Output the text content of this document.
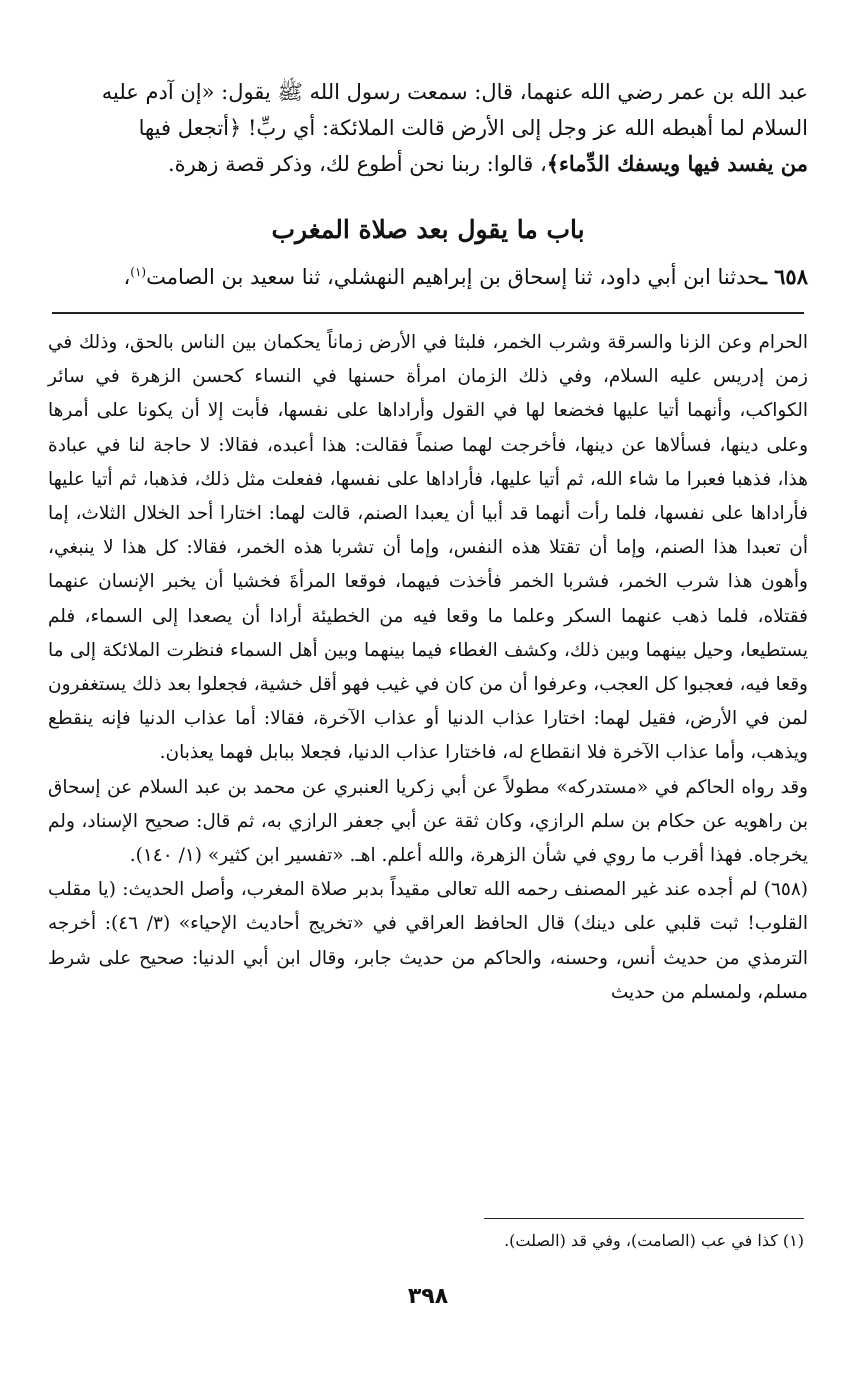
عبد الله بن عمر رضي الله عنهما، قال: سمعت رسول الله ﷺ يقول: «إن آدم عليه

السلام لما أهبطه الله عز وجل إلى الأرض قالت الملائكة: أي ربِّ! ﴿أتجعل فيها

من يفسد فيها ويسفك الدِّماء﴾، قالوا: ربنا نحن أطوع لك، وذكر قصة زهرة.

باب ما يقول بعد صلاة المغرب
٦٥٨ ـحدثنا ابن أبي داود، ثنا إسحاق بن إبراهيم النهشلي، ثنا سعيد بن الصامت$^{(١)}$،

الحرام وعن الزنا والسرقة وشرب الخمر، فلبثا في الأرض زماناً يحكمان بين الناس بالحق، وذلك في زمن إدريس عليه السلام، وفي ذلك الزمان امرأة حسنها في النساء كحسن الزهرة في سائر الكواكب، وأنهما أتيا عليها فخضعا لها في القول وأراداها على نفسها، فأبت إلا أن يكونا على أمرها وعلى دينها، فسألاها عن دينها، فأخرجت لهما صنماً فقالت: هذا أعبده، فقالا: لا حاجة لنا في عبادة هذا، فذهبا فعبرا ما شاء الله، ثم أتيا عليها، فأراداها على نفسها، ففعلت مثل ذلك، فذهبا، ثم أتيا عليها فأراداها على نفسها، فلما رأت أنهما قد أبيا أن يعبدا الصنم، قالت لهما: اختارا أحد الخلال الثلاث، إما أن تعبدا هذا الصنم، وإما أن تقتلا هذه النفس، وإما أن تشربا هذه الخمر، فقالا: كل هذا لا ينبغي، وأهون هذا شرب الخمر، فشربا الخمر فأخذت فيهما، فوقعا المرأةَ فخشيا أن يخبر الإنسان عنهما فقتلاه، فلما ذهب عنهما السكر وعلما ما وقعا فيه من الخطيئة أرادا أن يصعدا إلى السماء، فلم يستطيعا، وحيل بينهما وبين ذلك، وكشف الغطاء فيما بينهما وبين أهل السماء فنظرت الملائكة إلى ما وقعا فيه، فعجبوا كل العجب، وعرفوا أن من كان في غيب فهو أقل خشية، فجعلوا بعد ذلك يستغفرون لمن في الأرض، فقيل لهما: اختارا عذاب الدنيا أو عذاب الآخرة، فقالا: أما عذاب الدنيا فإنه ينقطع ويذهب، وأما عذاب الآخرة فلا انقطاع له، فاختارا عذاب الدنيا، فجعلا ببابل فهما يعذبان.

وقد رواه الحاكم في «مستدركه» مطولاً عن أبي زكريا العنبري عن محمد بن عبد السلام عن إسحاق بن راهويه عن حكام بن سلم الرازي، وكان ثقة عن أبي جعفر الرازي به، ثم قال: صحيح الإسناد، ولم يخرجاه. فهذا أقرب ما روي في شأن الزهرة، والله أعلم. اهـ. «تفسير ابن كثير» (١/ ١٤٠).

(٦٥٨) لم أجده عند غير المصنف رحمه الله تعالى مقيداً بدبر صلاة المغرب، وأصل الحديث: (يا مقلب القلوب! ثبت قلبي على دينك) قال الحافظ العراقي في «تخريج أحاديث الإحياء» (٣/ ٤٦): أخرجه الترمذي من حديث أنس، وحسنه، والحاكم من حديث جابر، وقال ابن أبي الدنيا: صحيح على شرط مسلم، ولمسلم من حديث

(١) كذا في عب (الصامت)، وفي قد (الصلت).
٣٩٨
